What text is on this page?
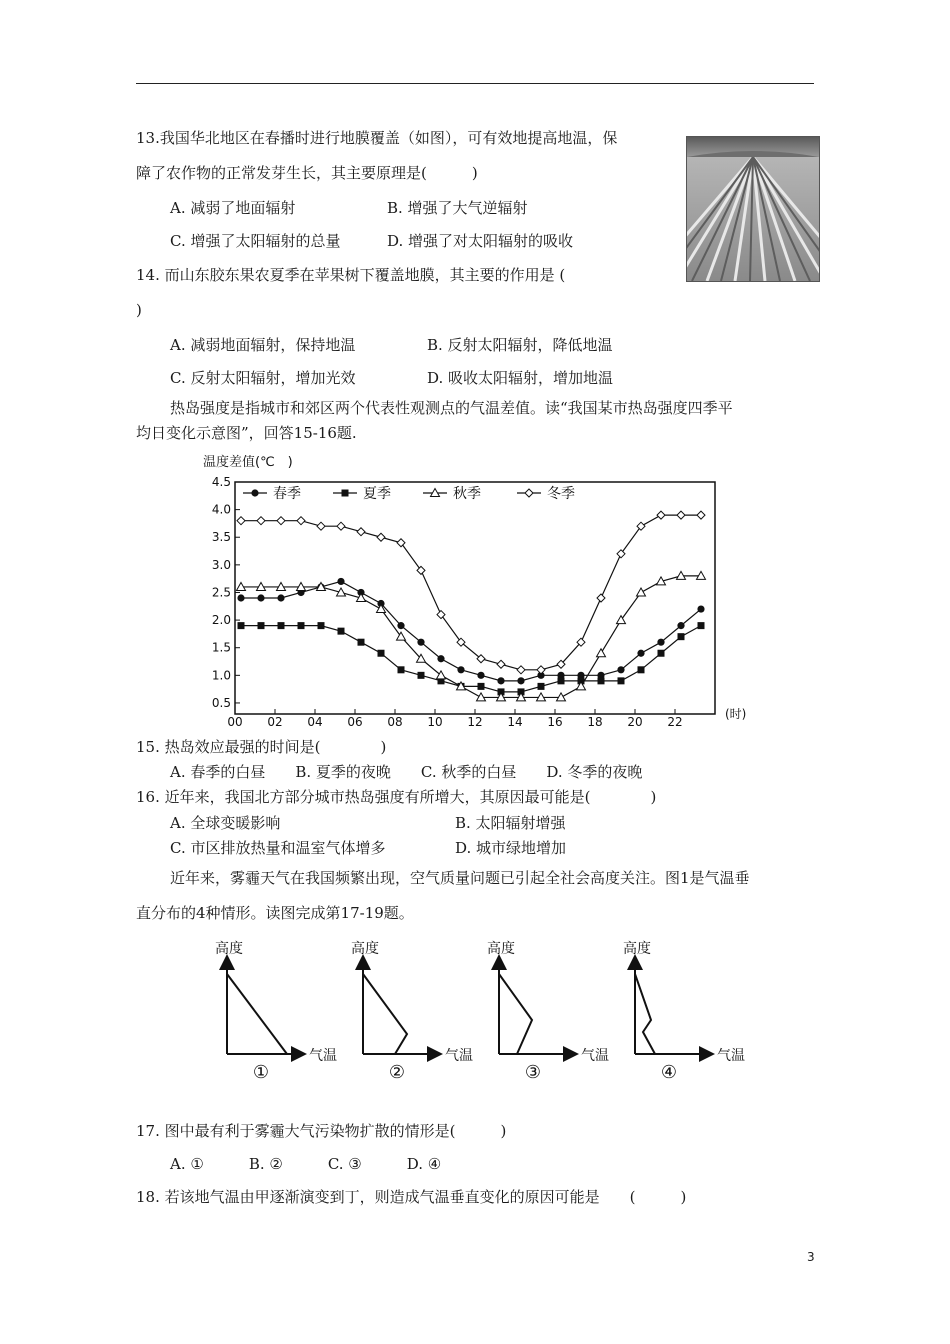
13.我国华北地区在春播时进行地膜覆盖（如图），可有效地提高地温，保
障了农作物的正常发芽生长，其主要原理是(　　　)
A. 减弱了地面辐射	B. 增强了大气逆辐射
C. 增强了太阳辐射的总量	D. 增强了对太阳辐射的吸收
14. 而山东胶东果农夏季在苹果树下覆盖地膜，其主要的作用是 (
)
A. 减弱地面辐射，保持地温	B. 反射太阳辐射，降低地温
C. 反射太阳辐射，增加光效	D. 吸收太阳辐射，增加地温
热岛强度是指城市和郊区两个代表性观测点的气温差值。读“我国某市热岛强度四季平
均日变化示意图”，回答15-16题.
温度差值(℃　)
4.5
4.0
3.5
3.0
2.5
2.0
1.5
1.0
0.5
00 02 04 06 08 10 12 14 16 18 20 22
(时)
春季	夏季	秋季	冬季
15. 热岛效应最强的时间是(　　　　)
A. 春季的白昼　　B. 夏季的夜晚　　C. 秋季的白昼　　D. 冬季的夜晚
16. 近年来，我国北方部分城市热岛强度有所增大，其原因最可能是(　　　　)
A. 全球变暖影响	B. 太阳辐射增强
C. 市区排放热量和温室气体增多	D. 城市绿地增加
近年来，雾霾天气在我国频繁出现，空气质量问题已引起全社会高度关注。图1是气温垂
直分布的4种情形。读图完成第17-19题。
高度
气温
①
高度
气温
②
高度
气温
③
高度
气温
④
17. 图中最有利于雾霾大气污染物扩散的情形是(　　　)
A. ①　　　B. ②　　　C. ③　　　D. ④
18. 若该地气温由甲逐渐演变到丁，则造成气温垂直变化的原因可能是　　(　　　)
3
